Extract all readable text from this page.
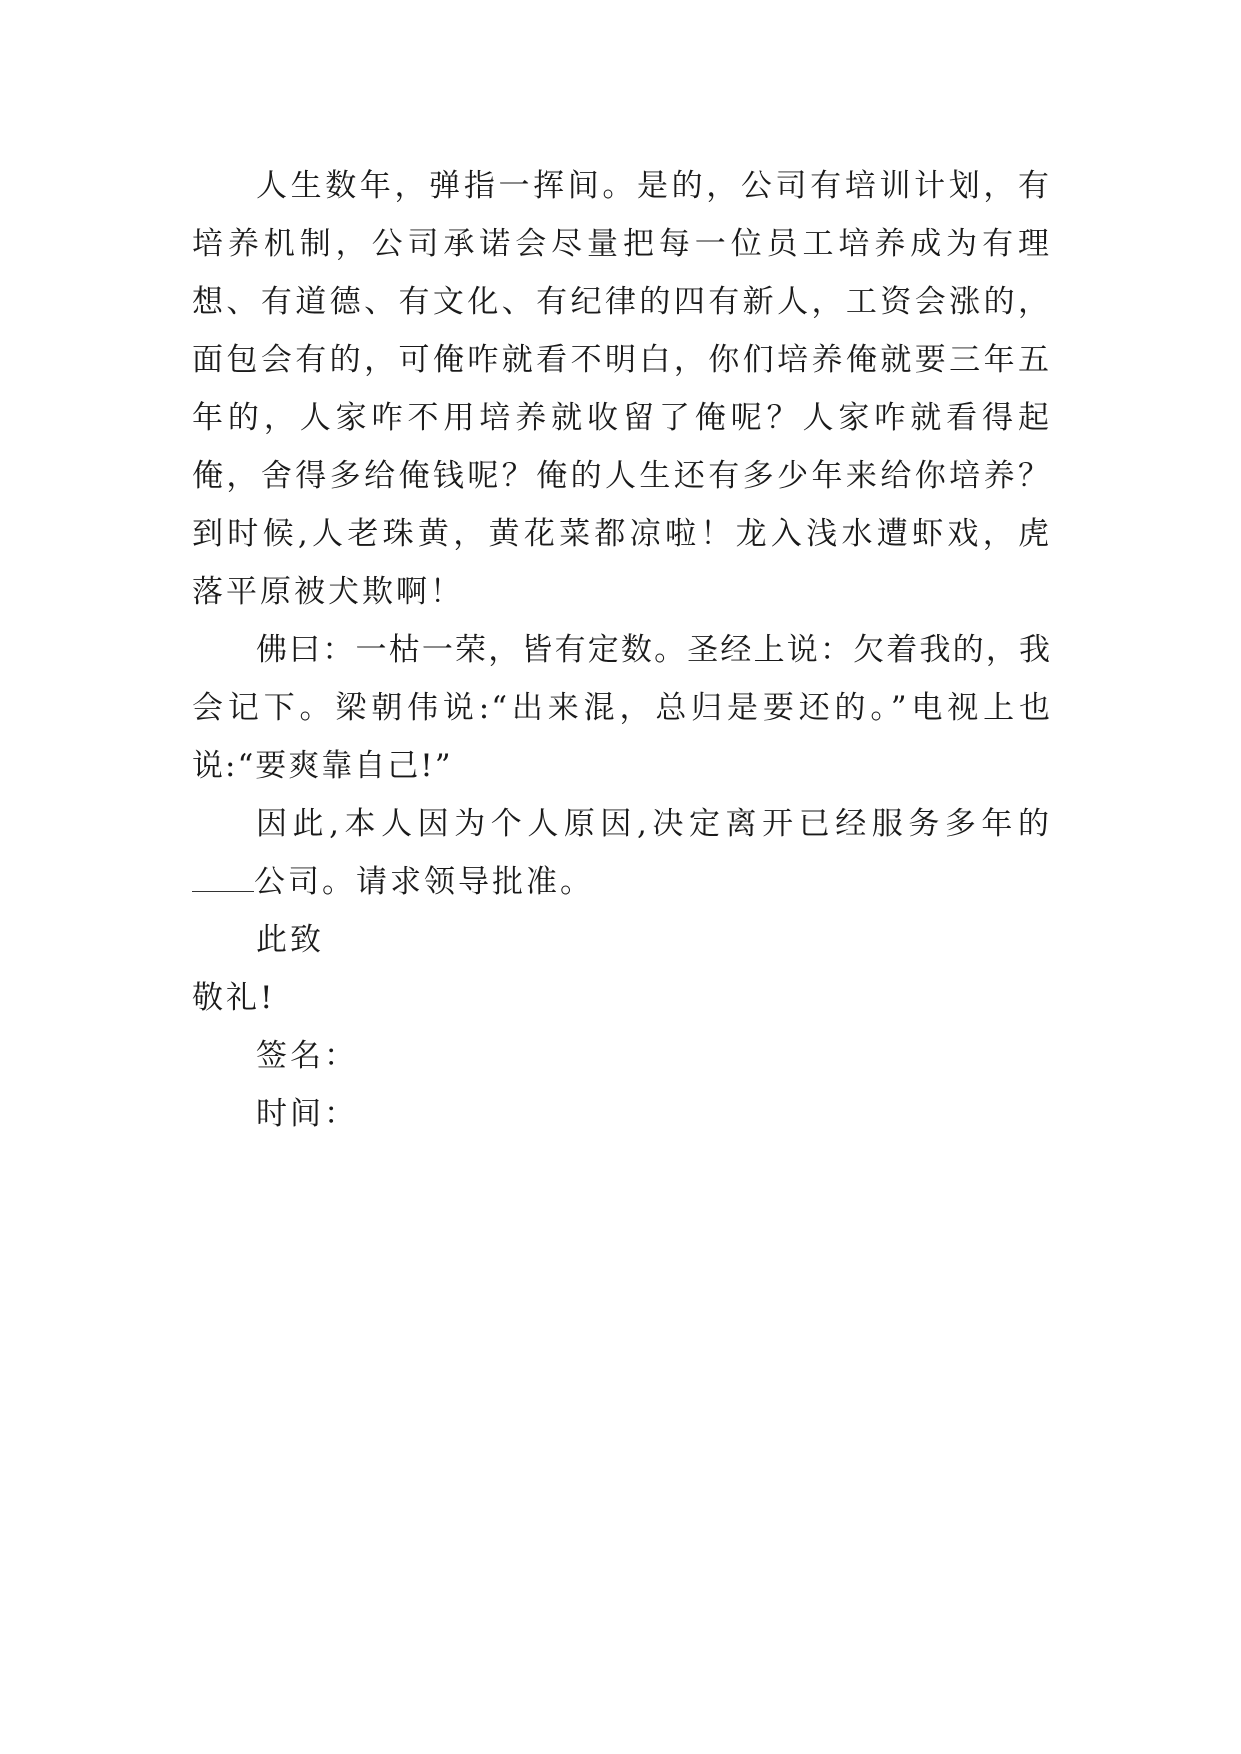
人生数年，弹指一挥间。是的，公司有培训计划，有培养机制，公司承诺会尽量把每一位员工培养成为有理想、有道德、有文化、有纪律的四有新人，工资会涨的，面包会有的，可俺咋就看不明白，你们培养俺就要三年五年的，人家咋不用培养就收留了俺呢？人家咋就看得起俺，舍得多给俺钱呢？俺的人生还有多少年来给你培养？到时候,人老珠黄，黄花菜都凉啦！龙入浅水遭虾戏，虎落平原被犬欺啊！

佛曰：一枯一荣，皆有定数。圣经上说：欠着我的，我会记下。梁朝伟说:“出来混，总归是要还的。”电视上也说:“要爽靠自己!”

因此,本人因为个人原因,决定离开已经服务多年的公司。请求领导批准。

此致

敬礼!

签名：

时间：
